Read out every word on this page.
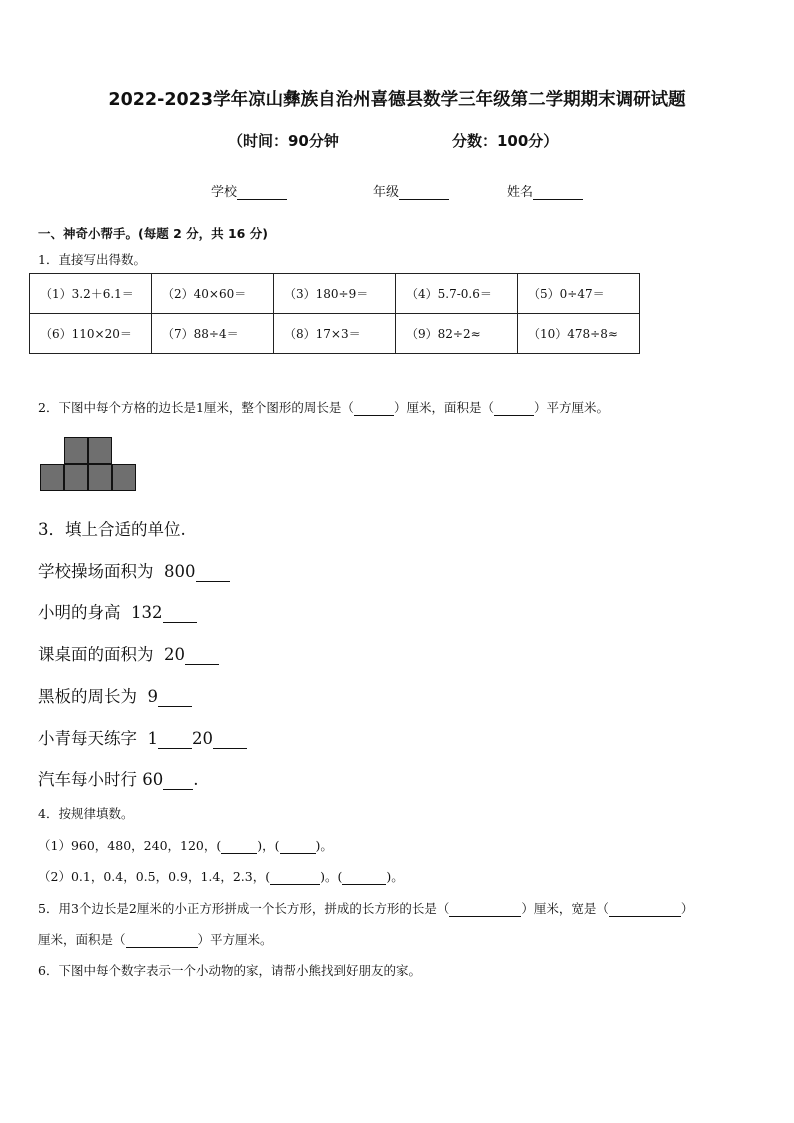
2022-2023学年凉山彝族自治州喜德县数学三年级第二学期期末调研试题
（时间：90分钟	分数：100分）
学校	年级	姓名
一、神奇小帮手。(每题 2 分，共 16 分)
1．直接写出得数。
（1）3.2＋6.1＝	（2）40×60＝	（3）180÷9＝	（4）5.7-0.6＝	（5）0÷47＝
（6）110×20＝	（7）88÷4＝	（8）17×3＝	（9）82÷2≈	（10）478÷8≈
2．下图中每个方格的边长是1厘米，整个图形的周长是（	）厘米，面积是（	）平方厘米。
3．填上合适的单位.
学校操场面积为 800
小明的身高 132
课桌面的面积为 20
黑板的周长为 9
小青每天练字 1 20
汽车每小时行 60 .
4．按规律填数。
（1）960，480，240，120，(	)，(	)。
（2）0.1，0.4，0.5，0.9，1.4，2.3，(	)。(	)。
5．用3个边长是2厘米的小正方形拼成一个长方形，拼成的长方形的长是（	）厘米，宽是（	）
厘米，面积是（	）平方厘米。
6．下图中每个数字表示一个小动物的家，请帮小熊找到好朋友的家。
